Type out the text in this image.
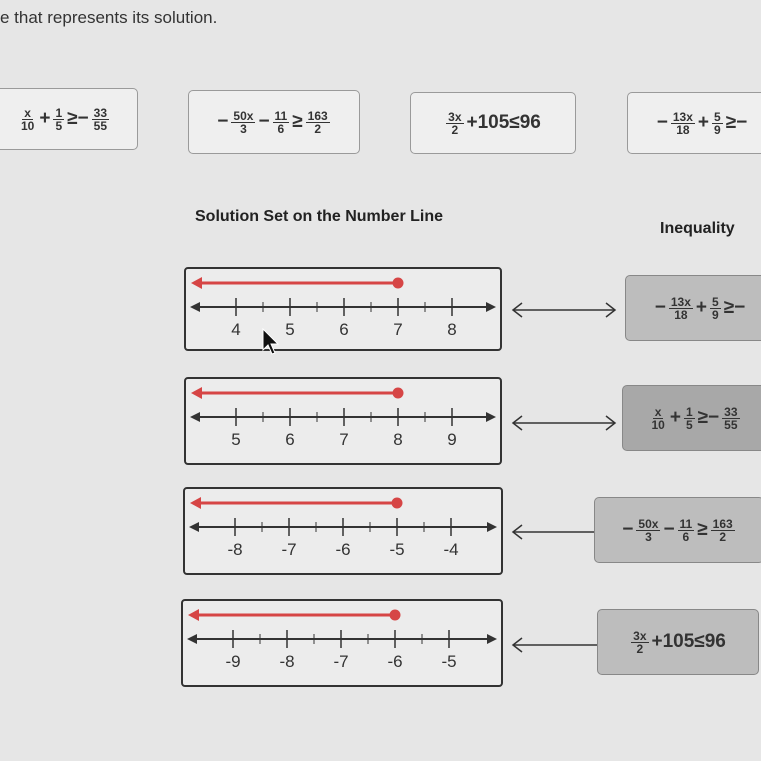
e that represents its solution.
$\frac{x}{10} + \frac{1}{5} \ge- \frac{33}{55}$	− $\frac{50x}{3} - \frac{11}{6} \ge \frac{163}{2}$	$\frac{3x}{2} +105\le 96$	− $\frac{13x}{18} + \frac{5}{9}$ ≥−
Solution Set on the Number Line
Inequality
4	5	6	7	8
5	6	7	8	9
-8 -7 -6 -5 -4
-9 -8 -7 -6 -5
− $\frac{13x}{18} + \frac{5}{9}$ ≥−
$\frac{x}{10} + \frac{1}{5} \ge- \frac{33}{55}$
− $\frac{50x}{3} - \frac{11}{6} \ge \frac{163}{2}$
$\frac{3x}{2} +105\le 96$
